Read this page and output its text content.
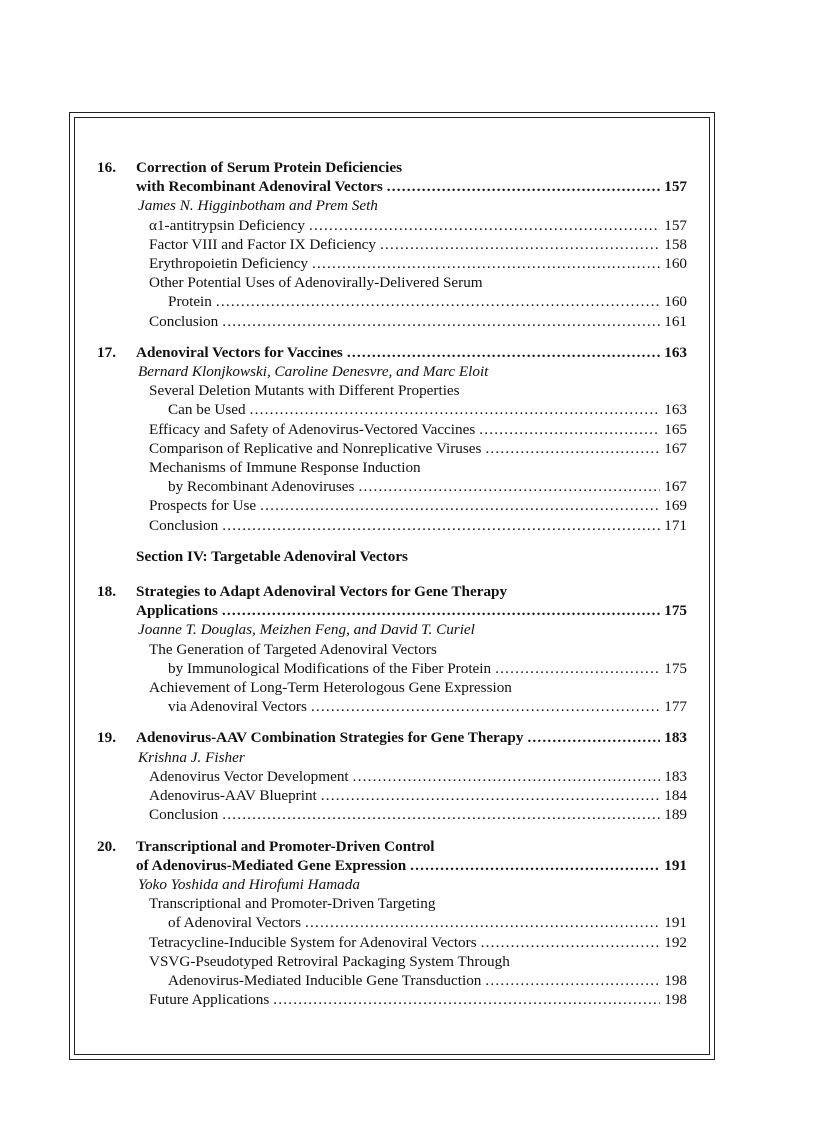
16.	Correction of Serum Protein Deficiencies
with Recombinant Adenoviral Vectors .....	157
James N. Higginbotham and Prem Seth
α1-antitrypsin Deficiency .....	157
Factor VIII and Factor IX Deficiency .....	158
Erythropoietin Deficiency .....	160
Other Potential Uses of Adenovirally-Delivered Serum
Protein .....	160
Conclusion .....	161
17.	Adenoviral Vectors for Vaccines .....	163
Bernard Klonjkowski, Caroline Denesvre, and Marc Eloit
Several Deletion Mutants with Different Properties
Can be Used .....	163
Efficacy and Safety of Adenovirus-Vectored Vaccines .....	165
Comparison of Replicative and Nonreplicative Viruses .....	167
Mechanisms of Immune Response Induction
by Recombinant Adenoviruses .....	167
Prospects for Use .....	169
Conclusion .....	171
Section IV: Targetable Adenoviral Vectors
18.	Strategies to Adapt Adenoviral Vectors for Gene Therapy
Applications .....	175
Joanne T. Douglas, Meizhen Feng, and David T. Curiel
The Generation of Targeted Adenoviral Vectors
by Immunological Modifications of the Fiber Protein .....	175
Achievement of Long-Term Heterologous Gene Expression
via Adenoviral Vectors .....	177
19.	Adenovirus-AAV Combination Strategies for Gene Therapy .....	183
Krishna J. Fisher
Adenovirus Vector Development .....	183
Adenovirus-AAV Blueprint .....	184
Conclusion .....	189
20.	Transcriptional and Promoter-Driven Control
of Adenovirus-Mediated Gene Expression .....	191
Yoko Yoshida and Hirofumi Hamada
Transcriptional and Promoter-Driven Targeting
of Adenoviral Vectors .....	191
Tetracycline-Inducible System for Adenoviral Vectors .....	192
VSVG-Pseudotyped Retroviral Packaging System Through
Adenovirus-Mediated Inducible Gene Transduction .....	198
Future Applications .....	198
